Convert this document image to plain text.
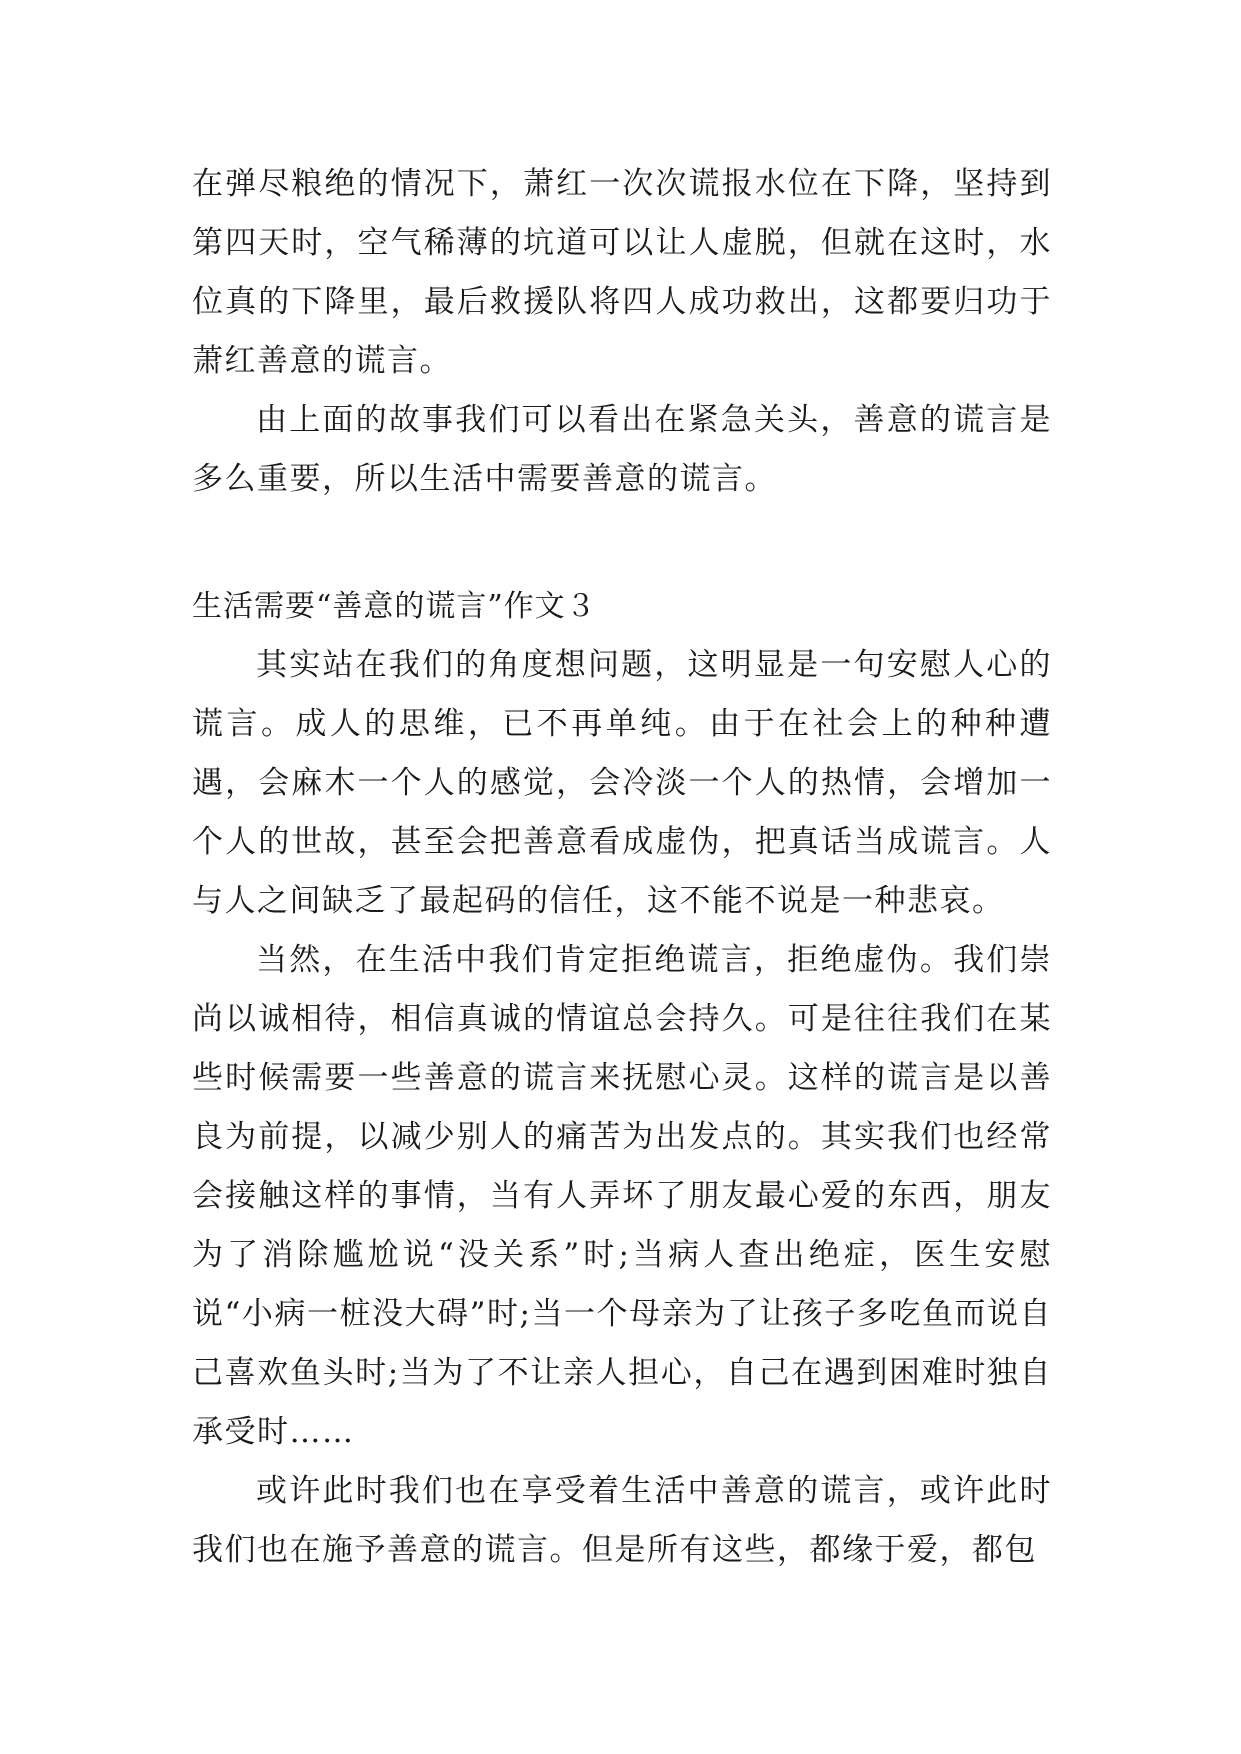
在弹尽粮绝的情况下，萧红一次次谎报水位在下降，坚持到第四天时，空气稀薄的坑道可以让人虚脱，但就在这时，水位真的下降里，最后救援队将四人成功救出，这都要归功于萧红善意的谎言。

由上面的故事我们可以看出在紧急关头，善意的谎言是多么重要，所以生活中需要善意的谎言。

生活需要“善意的谎言”作文３

其实站在我们的角度想问题，这明显是一句安慰人心的谎言。成人的思维，已不再单纯。由于在社会上的种种遭遇，会麻木一个人的感觉，会冷淡一个人的热情，会增加一个人的世故，甚至会把善意看成虚伪，把真话当成谎言。人与人之间缺乏了最起码的信任，这不能不说是一种悲哀。

当然，在生活中我们肯定拒绝谎言，拒绝虚伪。我们崇尚以诚相待，相信真诚的情谊总会持久。可是往往我们在某些时候需要一些善意的谎言来抚慰心灵。这样的谎言是以善良为前提，以减少别人的痛苦为出发点的。其实我们也经常会接触这样的事情，当有人弄坏了朋友最心爱的东西，朋友为了消除尴尬说“没关系”时;当病人查出绝症，医生安慰说“小病一桩没大碍”时;当一个母亲为了让孩子多吃鱼而说自己喜欢鱼头时;当为了不让亲人担心，自己在遇到困难时独自承受时……

或许此时我们也在享受着生活中善意的谎言，或许此时我们也在施予善意的谎言。但是所有这些，都缘于爱，都包
